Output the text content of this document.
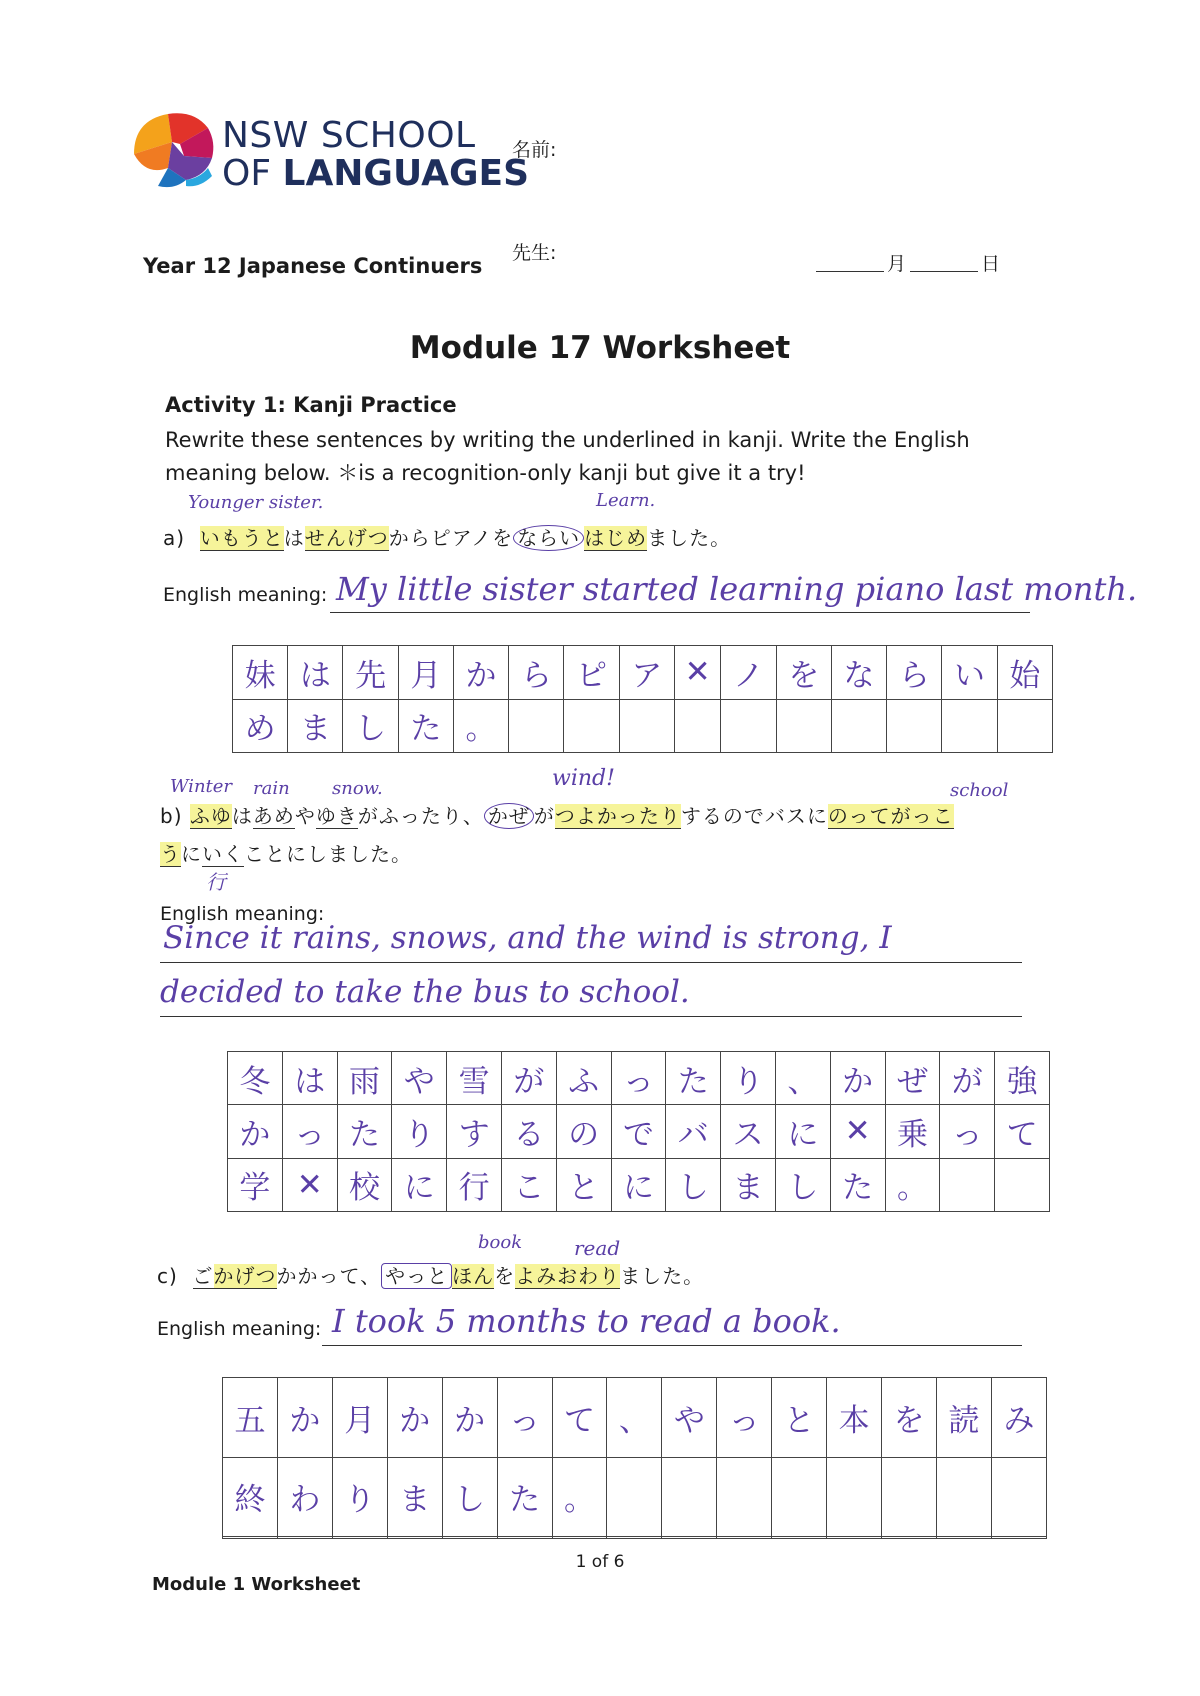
NSW SCHOOL
OF LANGUAGES
名前:
先生:
Year 12 Japanese Continuers	月	日
Module 17 Worksheet
Activity 1: Kanji Practice
Rewrite these sentences by writing the underlined in kanji. Write the English
meaning below. ＊is a recognition-only kanji but give it a try!
Younger sister.	Learn.
a) いもうとはせんげつからピアノを ならい はじめました。
English meaning: My little sister started learning piano last month.
妹	は	先	月	か	ら	ピ	ア	✕	ノ	を	な	ら	い	始
め	ま	し	た	。										
Winter rain snow.	wind!	school
b) ふゆはあめやゆきがふったり、 かぜ がつよかったりするのでバスにのってがっこ
うにいくことにしました。
行
English meaning:
Since it rains, snows, and the wind is strong, I
decided to take the bus to school.
冬	は	雨	や	雪	が	ふ	っ	た	り	、	か	ぜ	が	強
か	っ	た	り	す	る	の	で	バ	ス	に	✕	乗	っ	て
学	✕	校	に	行	こ	と	に	し	ま	し	た	。		
book	read
c) ごかげつかかって、 やっと ほんをよみおわりました。
English meaning: I took 5 months to read a book.
五	か	月	か	か	っ	て	、	や	っ	と	本	を	読	み
終	わ	り	ま	し	た	。								

1 of 6
Module 1 Worksheet
